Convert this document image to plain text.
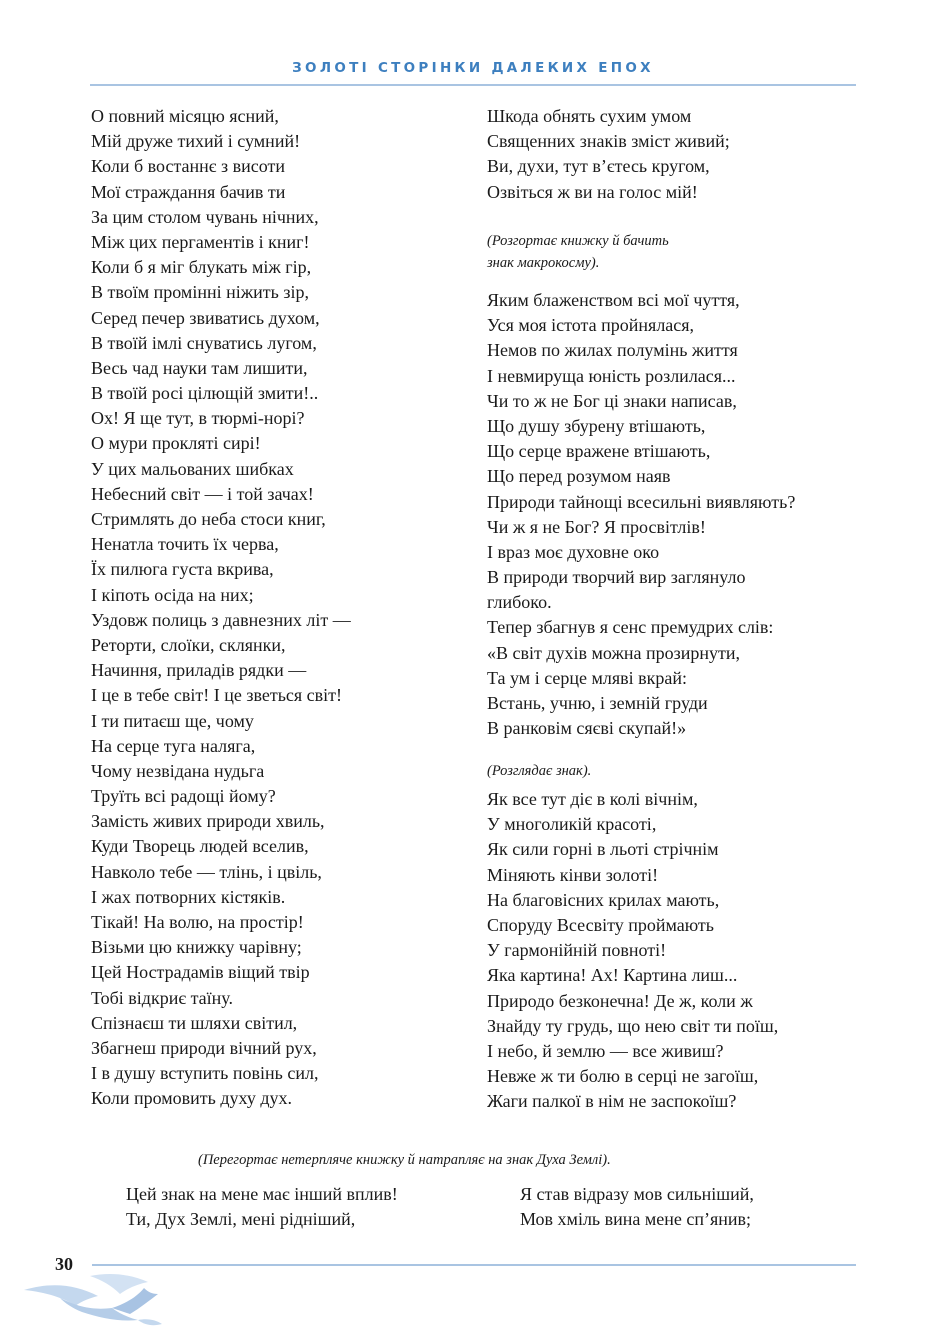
ЗОЛОТІ СТОРІНКИ ДАЛЕКИХ ЕПОХ
О повний місяцю ясний,
Мій друже тихий і сумний!
Коли б востаннє з висоти
Мої страждання бачив ти
За цим столом чувань нічних,
Між цих пергаментів і книг!
Коли б я міг блукать між гір,
В твоїм промінні ніжить зір,
Серед печер звиватись духом,
В твоїй імлі снуватись лугом,
Весь чад науки там лишити,
В твоїй росі цілющій змити!..
Ох! Я ще тут, в тюрмі-норі?
О мури прокляті сирі!
У цих мальованих шибках
Небесний світ — і той зачах!
Стримлять до неба стоси книг,
Ненатла точить їх черва,
Їх пилюга густа вкрива,
І кіпоть осіда на них;
Уздовж полиць з давнезних літ —
Реторти, слоїки, склянки,
Начиння, приладів рядки —
І це в тебе світ! І це зветься світ!
І ти питаєш ще, чому
На серце туга наляга,
Чому незвідана нудьга
Труїть всі радощі йому?
Замість живих природи хвиль,
Куди Творець людей вселив,
Навколо тебе — тлінь, і цвіль,
І жах потворних кістяків.
Тікай! На волю, на простір!
Візьми цю книжку чарівну;
Цей Нострадамів віщий твір
Тобі відкриє таїну.
Спізнаєш ти шляхи світил,
Збагнеш природи вічний рух,
І в душу вступить повінь сил,
Коли промовить духу дух.
Шкода обнять сухим умом
Священних знаків зміст живий;
Ви, духи, тут в’єтесь кругом,
Озвіться ж ви на голос мій!
(Розгортає книжку й бачить
знак макрокосму).
Яким блаженством всі мої чуття,
Уся моя істота пройнялася,
Немов по жилах полумінь життя
І невмируща юність розлилася...
Чи то ж не Бог ці знаки написав,
Що душу збурену втішають,
Що серце вражене втішають,
Що перед розумом наяв
Природи тайнощі всесильні виявляють?
Чи ж я не Бог? Я просвітлів!
І враз моє духовне око
В природи творчий вир заглянуло
глибоко.
Тепер збагнув я сенс премудрих слів:
«В світ духів можна прозирнути,
Та ум і серце мляві вкрай:
Встань, учню, і земній груди
В ранковім сяєві скупай!»
(Розглядає знак).
Як все тут діє в колі вічнім,
У многоликій красоті,
Як сили горні в льоті стрічнім
Міняють кінви золоті!
На благовісних крилах мають,
Споруду Всесвіту проймають
У гармонійній повноті!
Яка картина! Ах! Картина лиш...
Природо безконечна! Де ж, коли ж
Знайду ту грудь, що нею світ ти поїш,
І небо, й землю — все живиш?
Невже ж ти болю в серці не загоїш,
Жаги палкої в нім не заспокоїш?
(Перегортає нетерпляче книжку й натрапляє на знак Духа Землі).
Цей знак на мене має інший вплив!
Ти, Дух Землі, мені рідніший,
Я став відразу мов сильніший,
Мов хміль вина мене сп’янив;
30
